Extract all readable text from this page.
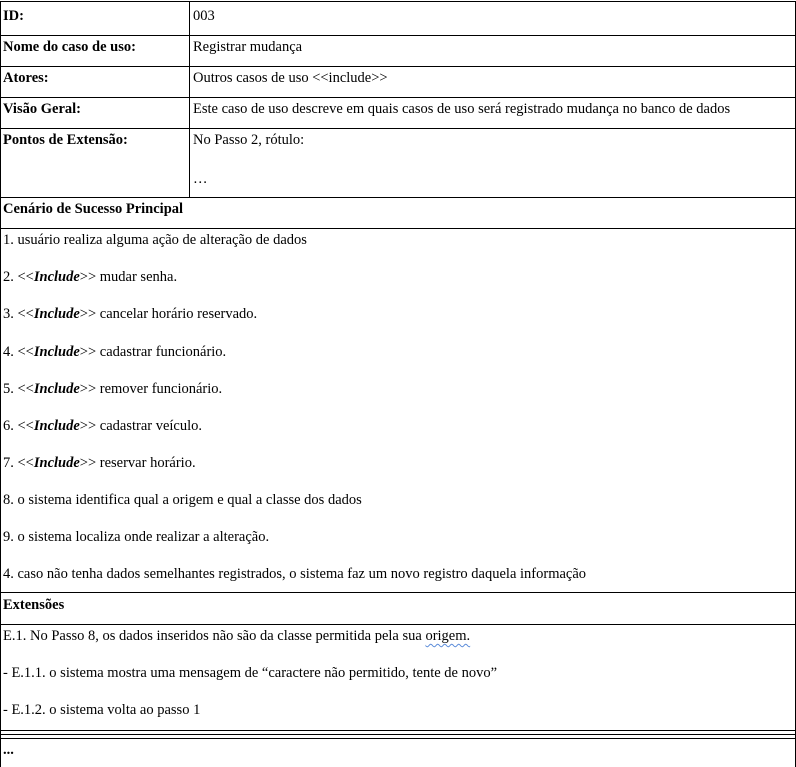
ID:	003
Nome do caso de uso:	Registrar mudança
Atores:	Outros casos de uso <<include>>
Visão Geral:	Este caso de uso descreve em quais casos de uso será registrado mudança no banco de dados
Pontos de Extensão:	No Passo 2, rótulo:
…
Cenário de Sucesso Principal
1. usuário realiza alguma ação de alteração de dados
2. <<Include>> mudar senha.
3. <<Include>> cancelar horário reservado.
4. <<Include>> cadastrar funcionário.
5. <<Include>> remover funcionário.
6. <<Include>> cadastrar veículo.
7. <<Include>> reservar horário.
8. o sistema identifica qual a origem e qual a classe dos dados
9. o sistema localiza onde realizar a alteração.
4. caso não tenha dados semelhantes registrados, o sistema faz um novo registro daquela informação
Extensões
E.1. No Passo 8, os dados inseridos não são da classe permitida pela sua origem.
- E.1.1. o sistema mostra uma mensagem de “caractere não permitido, tente de novo”
- E.1.2. o sistema volta ao passo 1
...
